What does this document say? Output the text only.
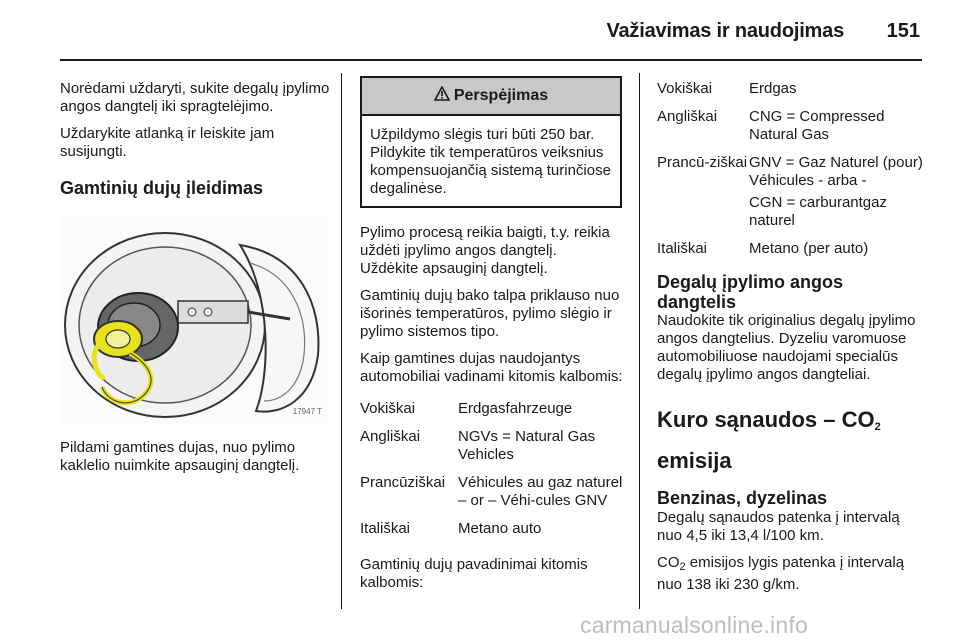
Važiavimas ir naudojimas 151
Norėdami uždaryti, sukite degalų įpylimo angos dangtelį iki spragtelėjimo.
Uždarykite atlanką ir leiskite jam susijungti.
Gamtinių dujų įleidimas
17947 T
Pildami gamtines dujas, nuo pylimo kaklelio nuimkite apsauginį dangtelį.
Perspėjimas
Užpildymo slėgis turi būti 250 bar. Pildykite tik temperatūros veiksnius kompensuojančią sistemą turinčiose degalinėse.
Pylimo procesą reikia baigti, t.y. reikia uždėti įpylimo angos dangtelį.
Uždėkite apsauginį dangtelį.
Gamtinių dujų bako talpa priklauso nuo išorinės temperatūros, pylimo slėgio ir pylimo sistemos tipo.
Kaip gamtines dujas naudojantys automobiliai vadinami kitomis kalbomis:
Vokiškai	Erdgasfahrzeuge
Angliškai	NGVs = Natural Gas Vehicles
Prancūziškai Véhicules au gaz naturel – or – Véhi-cules GNV
Itališkai	Metano auto
Gamtinių dujų pavadinimai kitomis kalbomis:
Vokiškai	Erdgas
Angliškai	CNG = Compressed Natural Gas
Prancū-ziškai GNV = Gaz Naturel (pour) Véhicules - arba -
CGN = carburantgaz naturel
Itališkai	Metano (per auto)
Degalų įpylimo angos dangtelis
Naudokite tik originalius degalų įpylimo angos dangtelius. Dyzeliu varomuose automobiliuose naudojami specialūs degalų įpylimo angos dangteliai.
Kuro sąnaudos – $CO_2$
emisija
Benzinas, dyzelinas
Degalų sąnaudos patenka į intervalą nuo 4,5 iki 13,4 l/100 km.
$CO_2$ emisijos lygis patenka į intervalą nuo 138 iki 230 g/km.
carmanualsonline.info
